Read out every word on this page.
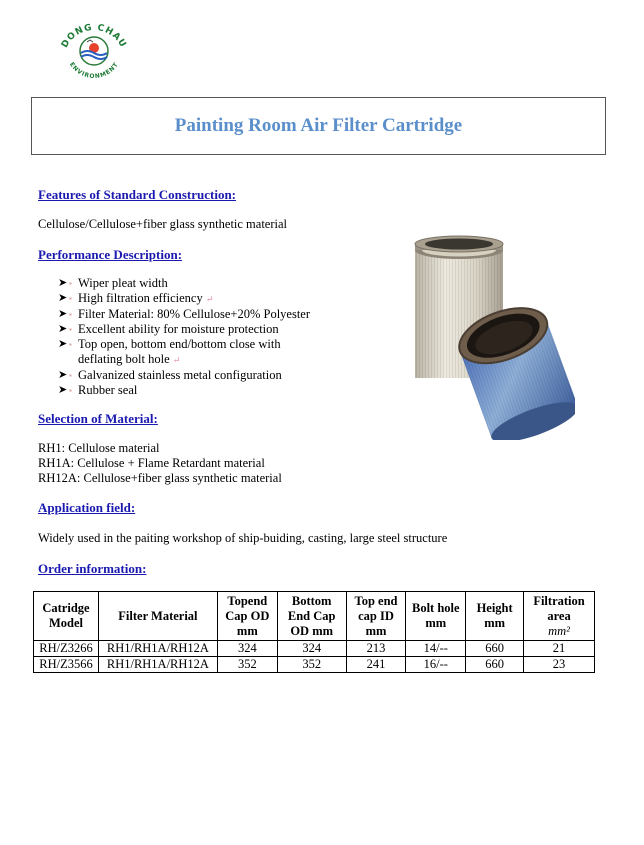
DONG CHAU
ENVIRONMENT
Painting Room Air Filter Cartridge
Features of Standard Construction:
Cellulose/Cellulose+fiber glass synthetic material
Performance Description:
➤ ▪ Wiper pleat width
➤ ▪ High filtration efficiency ↵
➤ ▪ Filter Material: 80% Cellulose+20% Polyester
➤ ▪ Excellent ability for moisture protection
➤ ▪ Top open, bottom end/bottom close with deflating bolt hole ↵
➤ ▪ Galvanized stainless metal configuration
➤ ▪ Rubber seal
Selection of Material:
RH1: Cellulose material
RH1A: Cellulose + Flame Retardant material
RH12A: Cellulose+fiber glass synthetic material
Application field:
Widely used in the paiting workshop of ship-buiding, casting, large steel structure
Order information:
Catridge Model	Filter Material	Topend Cap OD mm	Bottom End Cap OD mm	Top end cap ID mm	Bolt hole mm	Height mm	Filtration area
mm²
RH/Z3266	RH1/RH1A/RH12A	324	324	213	14/--	660	21
RH/Z3566	RH1/RH1A/RH12A	352	352	241	16/--	660	23
